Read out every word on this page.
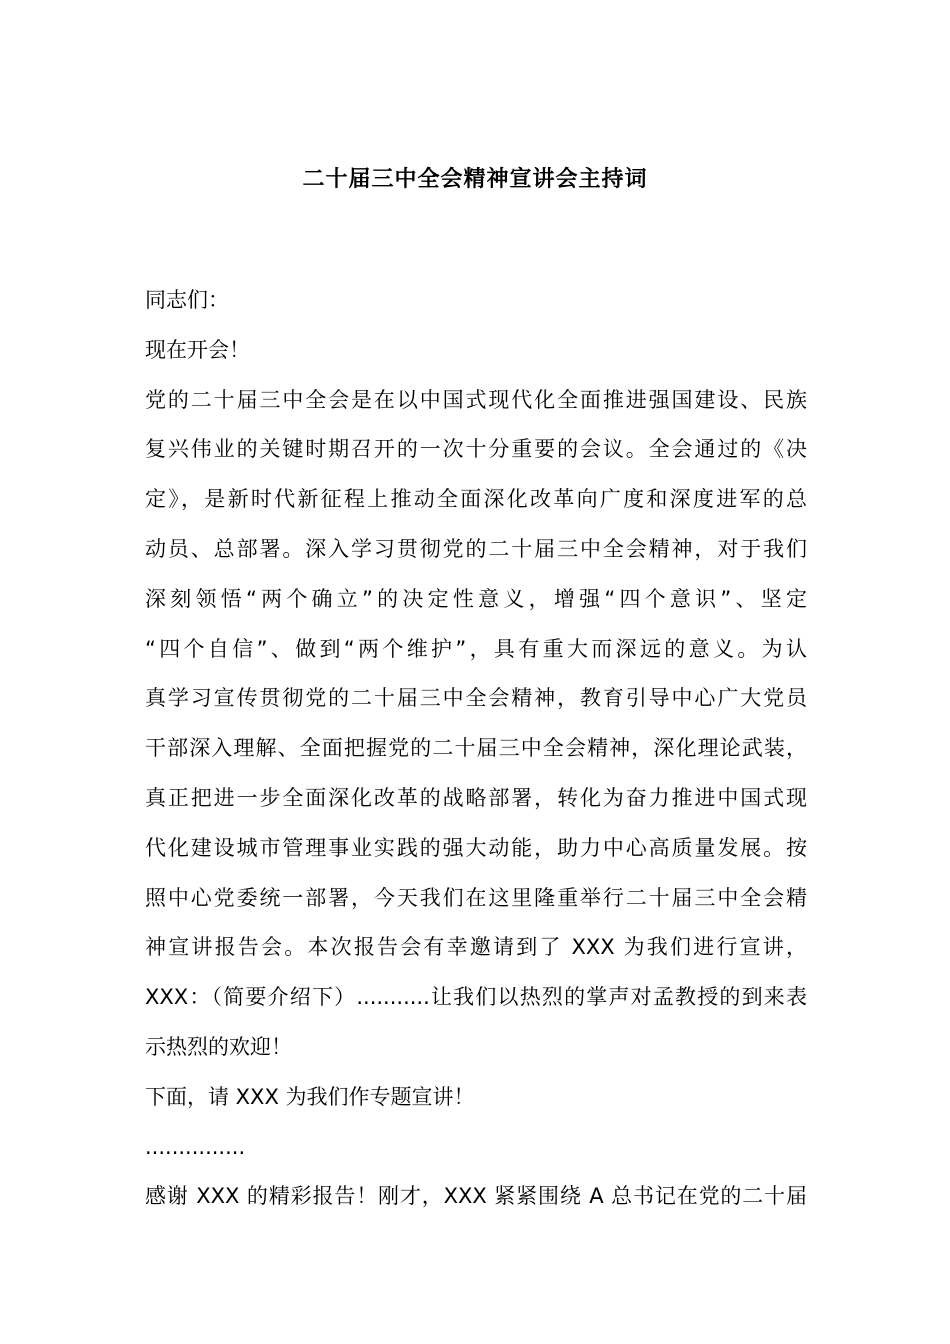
二十届三中全会精神宣讲会主持词
同志们：
现在开会！
党的二十届三中全会是在以中国式现代化全面推进强国建设、民族
复兴伟业的关键时期召开的一次十分重要的会议。全会通过的《决
定》，是新时代新征程上推动全面深化改革向广度和深度进军的总
动员、总部署。深入学习贯彻党的二十届三中全会精神，对于我们
深刻领悟“两个确立”的决定性意义，增强“四个意识”、坚定
“四个自信”、做到“两个维护”，具有重大而深远的意义。为认
真学习宣传贯彻党的二十届三中全会精神，教育引导中心广大党员
干部深入理解、全面把握党的二十届三中全会精神，深化理论武装，
真正把进一步全面深化改革的战略部署，转化为奋力推进中国式现
代化建设城市管理事业实践的强大动能，助力中心高质量发展。按
照中心党委统一部署，今天我们在这里隆重举行二十届三中全会精
神宣讲报告会。本次报告会有幸邀请到了 XXX 为我们进行宣讲，
XXX：（简要介绍下）...........让我们以热烈的掌声对孟教授的到来表
示热烈的欢迎！
下面，请 XXX 为我们作专题宣讲！
...............
感谢 XXX 的精彩报告！刚才，XXX 紧紧围绕 A 总书记在党的二十届
